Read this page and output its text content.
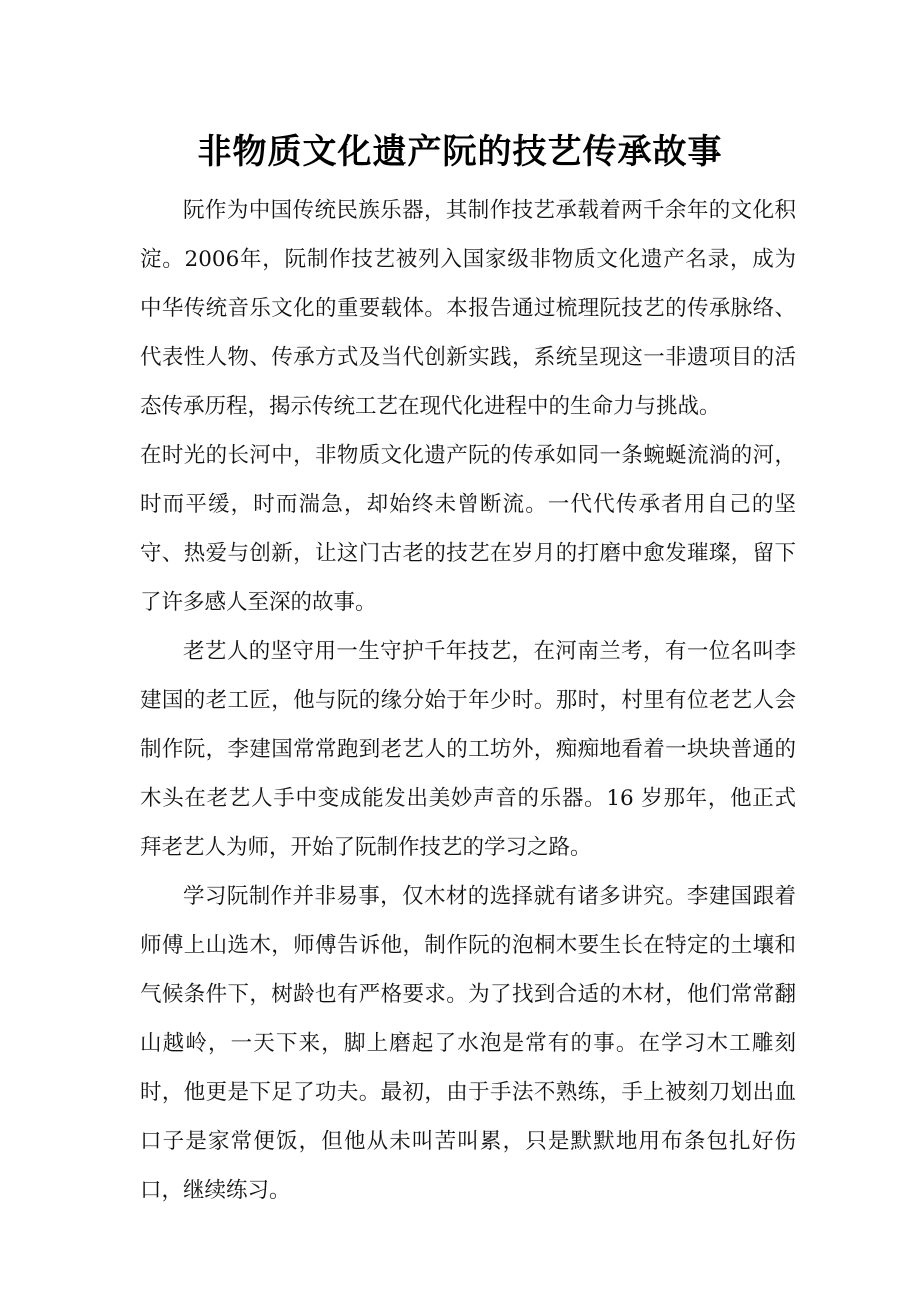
非物质文化遗产阮的技艺传承故事

阮作为中国传统民族乐器，其制作技艺承载着两千余年的文化积淀。2006年，阮制作技艺被列入国家级非物质文化遗产名录，成为中华传统音乐文化的重要载体。本报告通过梳理阮技艺的传承脉络、代表性人物、传承方式及当代创新实践，系统呈现这一非遗项目的活态传承历程，揭示传统工艺在现代化进程中的生命力与挑战。

在时光的长河中，非物质文化遗产阮的传承如同一条蜿蜒流淌的河，时而平缓，时而湍急，却始终未曾断流。一代代传承者用自己的坚守、热爱与创新，让这门古老的技艺在岁月的打磨中愈发璀璨，留下了许多感人至深的故事。

老艺人的坚守用一生守护千年技艺，在河南兰考，有一位名叫李建国的老工匠，他与阮的缘分始于年少时。那时，村里有位老艺人会制作阮，李建国常常跑到老艺人的工坊外，痴痴地看着一块块普通的木头在老艺人手中变成能发出美妙声音的乐器。16 岁那年，他正式拜老艺人为师，开始了阮制作技艺的学习之路。

学习阮制作并非易事，仅木材的选择就有诸多讲究。李建国跟着师傅上山选木，师傅告诉他，制作阮的泡桐木要生长在特定的土壤和气候条件下，树龄也有严格要求。为了找到合适的木材，他们常常翻山越岭，一天下来，脚上磨起了水泡是常有的事。在学习木工雕刻时，他更是下足了功夫。最初，由于手法不熟练，手上被刻刀划出血口子是家常便饭，但他从未叫苦叫累，只是默默地用布条包扎好伤口，继续练习。
